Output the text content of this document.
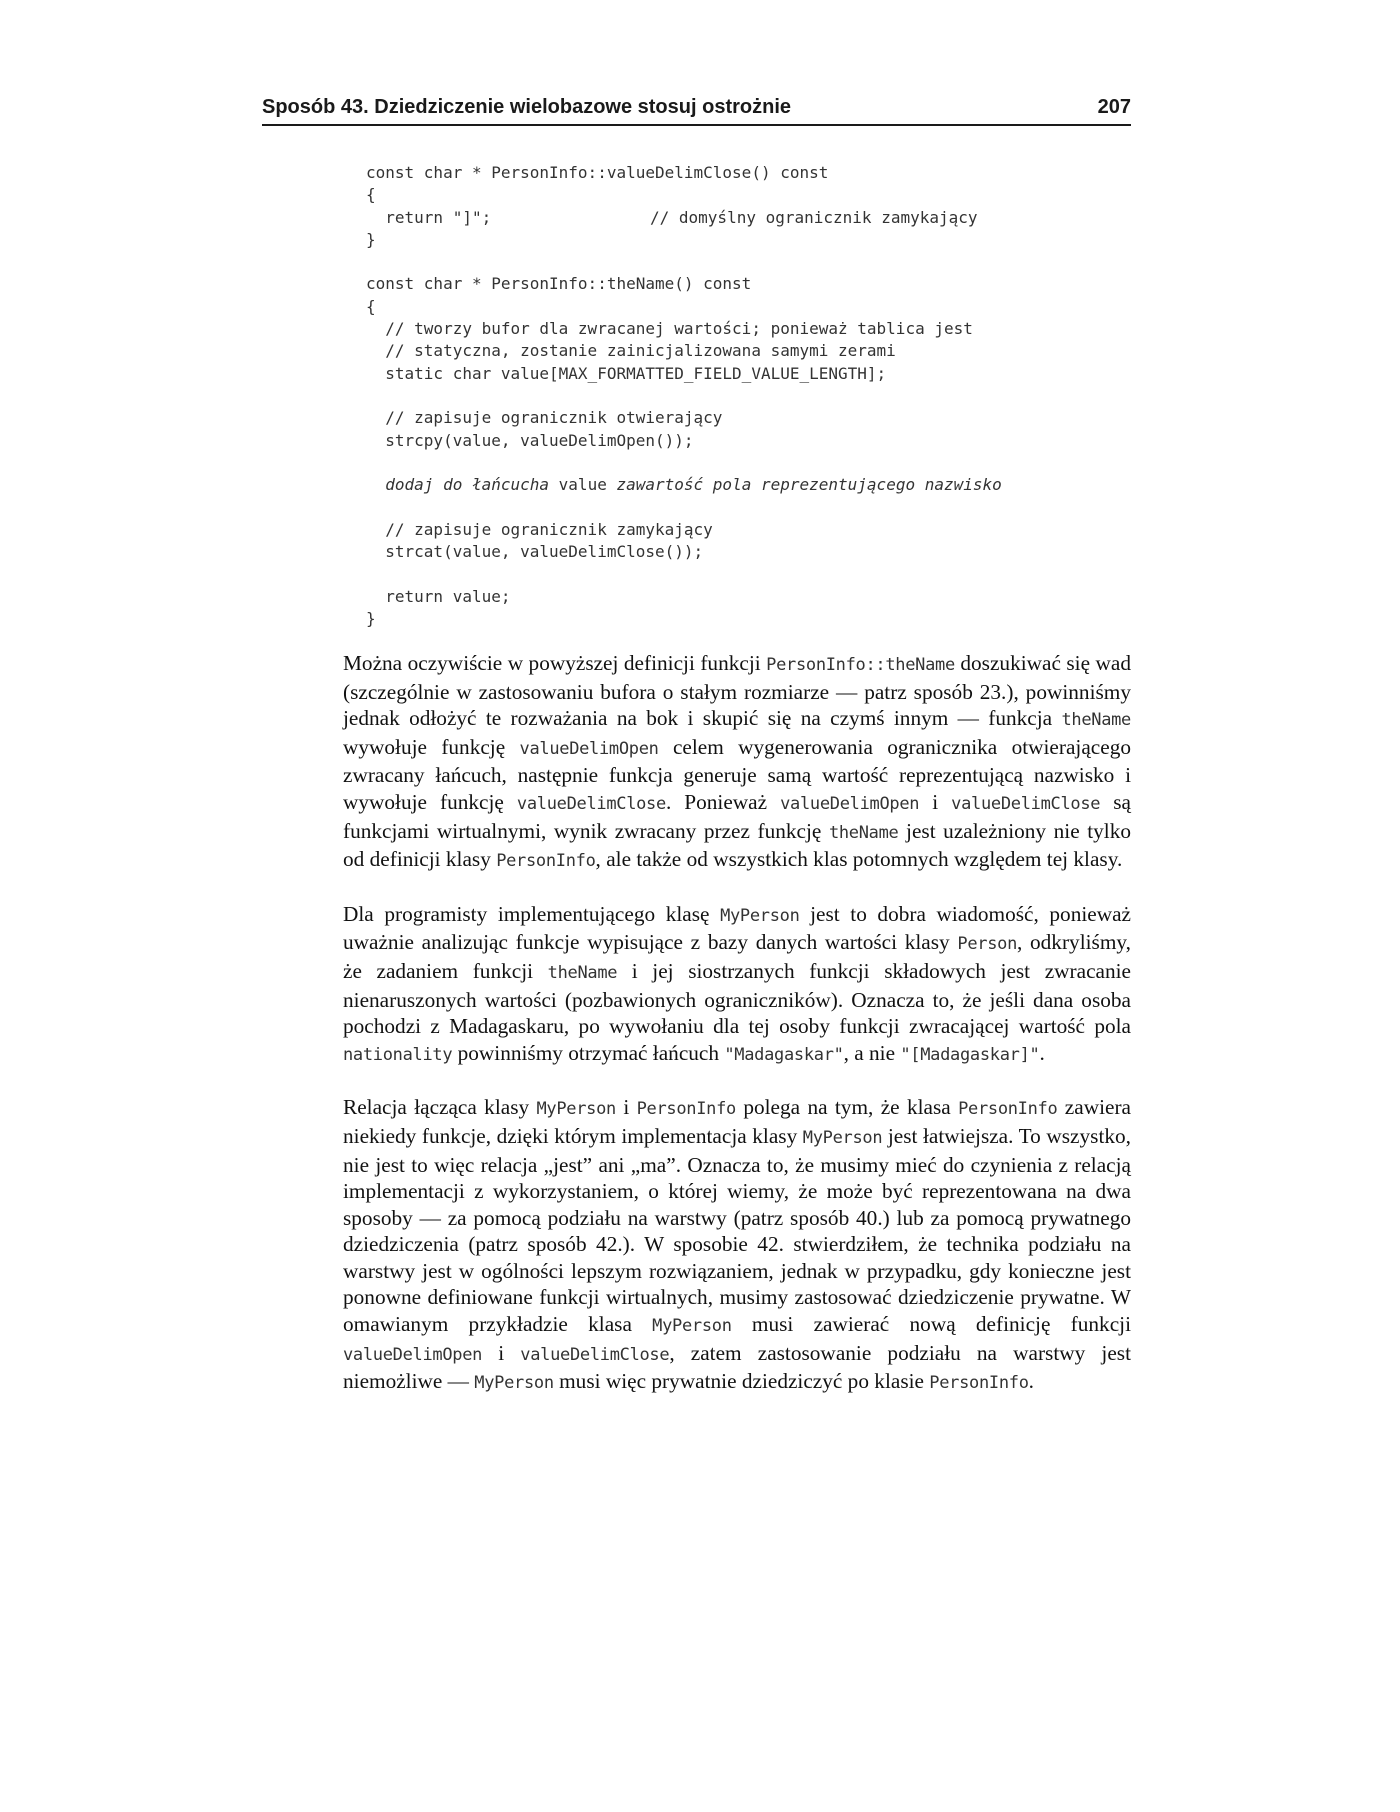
Sposób 43. Dziedziczenie wielobazowe stosuj ostrożnie	207
const char * PersonInfo::valueDelimClose() const
{
return "]";	// domyślny ogranicznik zamykający
}
const char * PersonInfo::theName() const
{
// tworzy bufor dla zwracanej wartości; ponieważ tablica jest
// statyczna, zostanie zainicjalizowana samymi zerami
static char value[MAX_FORMATTED_FIELD_VALUE_LENGTH];
// zapisuje ogranicznik otwierający
strcpy(value, valueDelimOpen());
dodaj do łańcucha value zawartość pola reprezentującego nazwisko
// zapisuje ogranicznik zamykający
strcat(value, valueDelimClose());
return value;
}

Można oczywiście w powyższej definicji funkcji PersonInfo::theName doszukiwać się wad (szczególnie w zastosowaniu bufora o stałym rozmiarze — patrz sposób 23.), powinniśmy jednak odłożyć te rozważania na bok i skupić się na czymś innym — funkcja theName wywołuje funkcję valueDelimOpen celem wygenerowania ogranicznika otwierającego zwracany łańcuch, następnie funkcja generuje samą wartość reprezentującą nazwisko i wywołuje funkcję valueDelimClose. Ponieważ valueDelimOpen i valueDelimClose są funkcjami wirtualnymi, wynik zwracany przez funkcję theName jest uzależniony nie tylko od definicji klasy PersonInfo, ale także od wszystkich klas potomnych względem tej klasy.

Dla programisty implementującego klasę MyPerson jest to dobra wiadomość, ponieważ uważnie analizując funkcje wypisujące z bazy danych wartości klasy Person, odkryliśmy, że zadaniem funkcji theName i jej siostrzanych funkcji składowych jest zwracanie nienaruszonych wartości (pozbawionych ograniczników). Oznacza to, że jeśli dana osoba pochodzi z Madagaskaru, po wywołaniu dla tej osoby funkcji zwracającej wartość pola nationality powinniśmy otrzymać łańcuch "Madagaskar", a nie "[Madagaskar]".

Relacja łącząca klasy MyPerson i PersonInfo polega na tym, że klasa PersonInfo zawiera niekiedy funkcje, dzięki którym implementacja klasy MyPerson jest łatwiejsza. To wszystko, nie jest to więc relacja „jest” ani „ma”. Oznacza to, że musimy mieć do czynienia z relacją implementacji z wykorzystaniem, o której wiemy, że może być reprezentowana na dwa sposoby — za pomocą podziału na warstwy (patrz sposób 40.) lub za pomocą prywatnego dziedziczenia (patrz sposób 42.). W sposobie 42. stwierdziłem, że technika podziału na warstwy jest w ogólności lepszym rozwiązaniem, jednak w przypadku, gdy konieczne jest ponowne definiowane funkcji wirtualnych, musimy zastosować dziedziczenie prywatne. W omawianym przykładzie klasa MyPerson musi zawierać nową definicję funkcji valueDelimOpen i valueDelimClose, zatem zastosowanie podziału na warstwy jest niemożliwe — MyPerson musi więc prywatnie dziedziczyć po klasie PersonInfo.
